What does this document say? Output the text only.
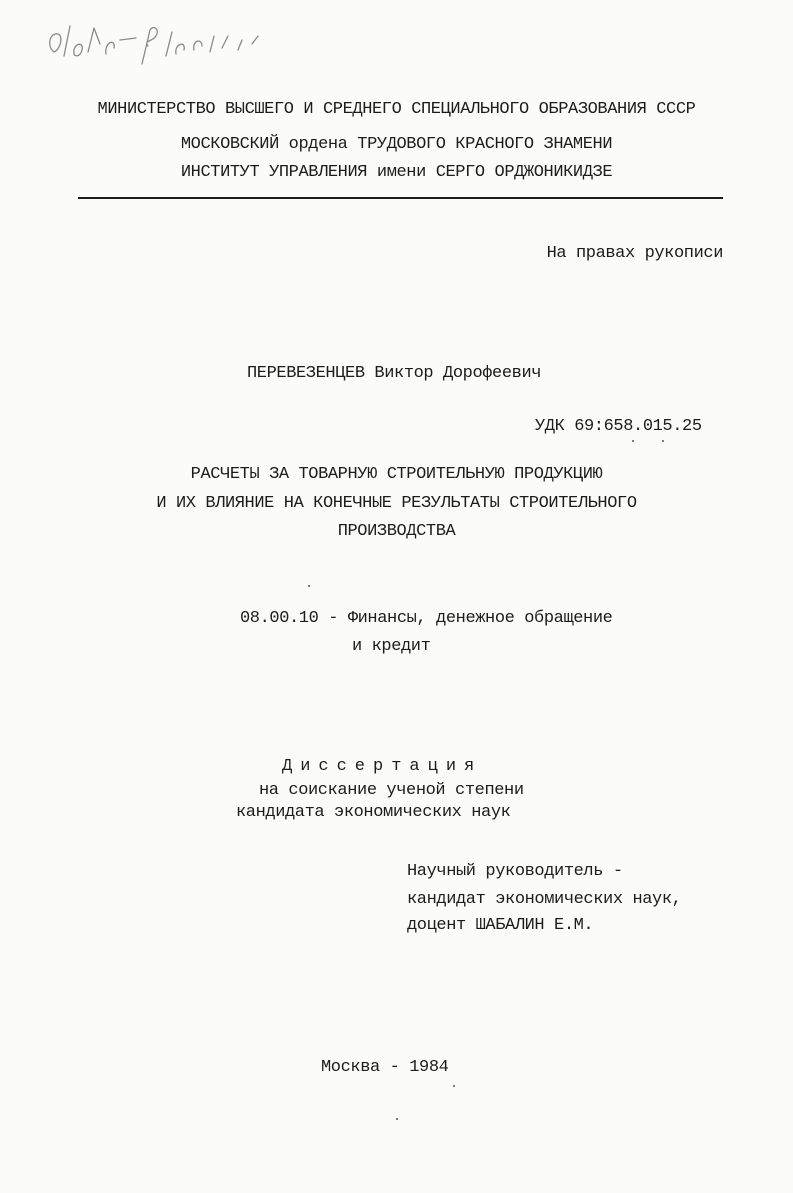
МИНИСТЕРСТВО ВЫСШЕГО И СРЕДНЕГО СПЕЦИАЛЬНОГО ОБРАЗОВАНИЯ СССР
МОСКОВСКИЙ ордена ТРУДОВОГО КРАСНОГО ЗНАМЕНИ
ИНСТИТУТ УПРАВЛЕНИЯ имени СЕРГО ОРДЖОНИКИДЗЕ
На правах рукописи
ПЕРЕВЕЗЕНЦЕВ Виктор Дорофеевич
УДК 69:658.015.25
РАСЧЕТЫ ЗА ТОВАРНУЮ СТРОИТЕЛЬНУЮ ПРОДУКЦИЮ
И ИХ ВЛИЯНИЕ НА КОНЕЧНЫЕ РЕЗУЛЬТАТЫ СТРОИТЕЛЬНОГО
ПРОИЗВОДСТВА
08.00.10 - Финансы, денежное обращение
и кредит
Диссертация
на соискание ученой степени
кандидата экономических наук
Научный руководитель -
кандидат экономических наук,
доцент ШАБАЛИН Е.М.
Москва - 1984
